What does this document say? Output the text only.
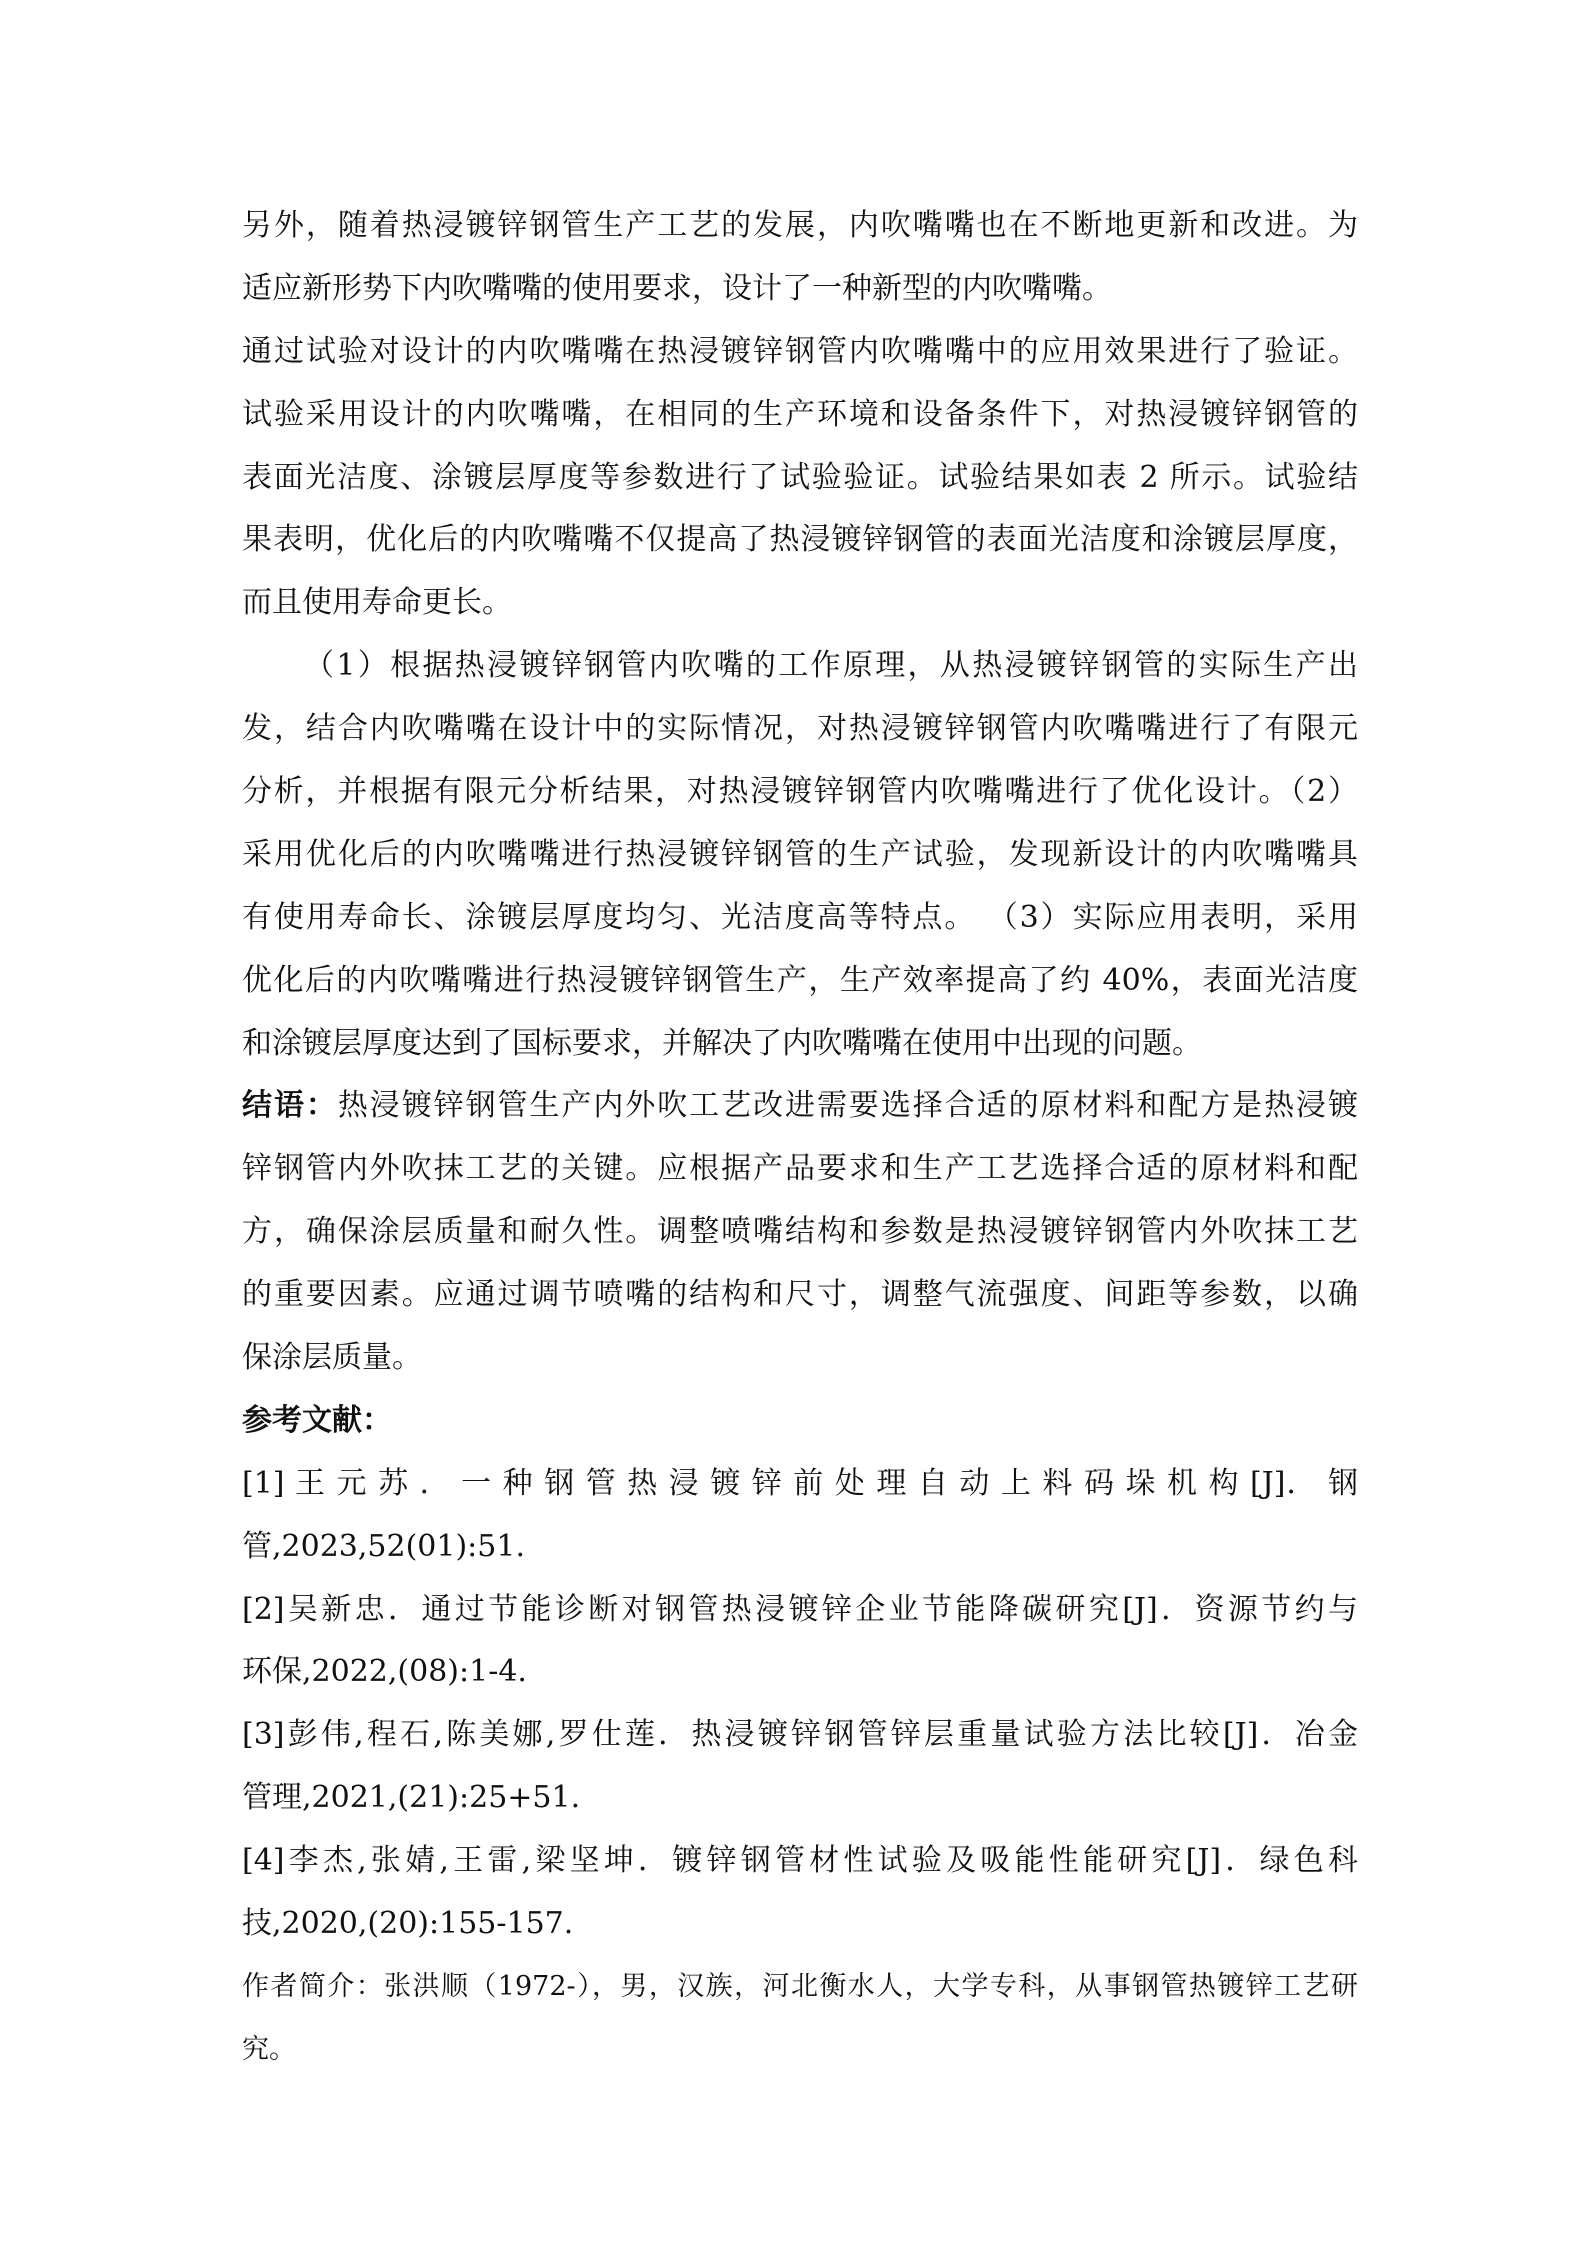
另外，随着热浸镀锌钢管生产工艺的发展，内吹嘴嘴也在不断地更新和改进。为
适应新形势下内吹嘴嘴的使用要求，设计了一种新型的内吹嘴嘴。
通过试验对设计的内吹嘴嘴在热浸镀锌钢管内吹嘴嘴中的应用效果进行了验证。
试验采用设计的内吹嘴嘴，在相同的生产环境和设备条件下，对热浸镀锌钢管的
表面光洁度、涂镀层厚度等参数进行了试验验证。试验结果如表 2 所示。试验结
果表明，优化后的内吹嘴嘴不仅提高了热浸镀锌钢管的表面光洁度和涂镀层厚度，
而且使用寿命更长。
（1）根据热浸镀锌钢管内吹嘴的工作原理，从热浸镀锌钢管的实际生产出
发，结合内吹嘴嘴在设计中的实际情况，对热浸镀锌钢管内吹嘴嘴进行了有限元
分析，并根据有限元分析结果，对热浸镀锌钢管内吹嘴嘴进行了优化设计。（2）
采用优化后的内吹嘴嘴进行热浸镀锌钢管的生产试验，发现新设计的内吹嘴嘴具
有使用寿命长、涂镀层厚度均匀、光洁度高等特点。 （3）实际应用表明，采用
优化后的内吹嘴嘴进行热浸镀锌钢管生产，生产效率提高了约 40%，表面光洁度
和涂镀层厚度达到了国标要求，并解决了内吹嘴嘴在使用中出现的问题。
结语：热浸镀锌钢管生产内外吹工艺改进需要选择合适的原材料和配方是热浸镀
锌钢管内外吹抹工艺的关键。应根据产品要求和生产工艺选择合适的原材料和配
方，确保涂层质量和耐久性。调整喷嘴结构和参数是热浸镀锌钢管内外吹抹工艺
的重要因素。应通过调节喷嘴的结构和尺寸，调整气流强度、间距等参数，以确
保涂层质量。
参考文献：
[1] 王 元 苏 ． 一 种 钢 管 热 浸 镀 锌 前 处 理 自 动 上 料 码 垛 机 构 [J]． 钢
管,2023,52(01):51.
[2]吴新忠．通过节能诊断对钢管热浸镀锌企业节能降碳研究[J]．资源节约与
环保,2022,(08):1-4.
[3]彭伟,程石,陈美娜,罗仕莲．热浸镀锌钢管锌层重量试验方法比较[J]．冶金
管理,2021,(21):25+51.
[4]李杰,张婧,王雷,梁坚坤．镀锌钢管材性试验及吸能性能研究[J]．绿色科
技,2020,(20):155-157.
作者简介：张洪顺（1972-），男，汉族，河北衡水人，大学专科，从事钢管热镀锌工艺研
究。
